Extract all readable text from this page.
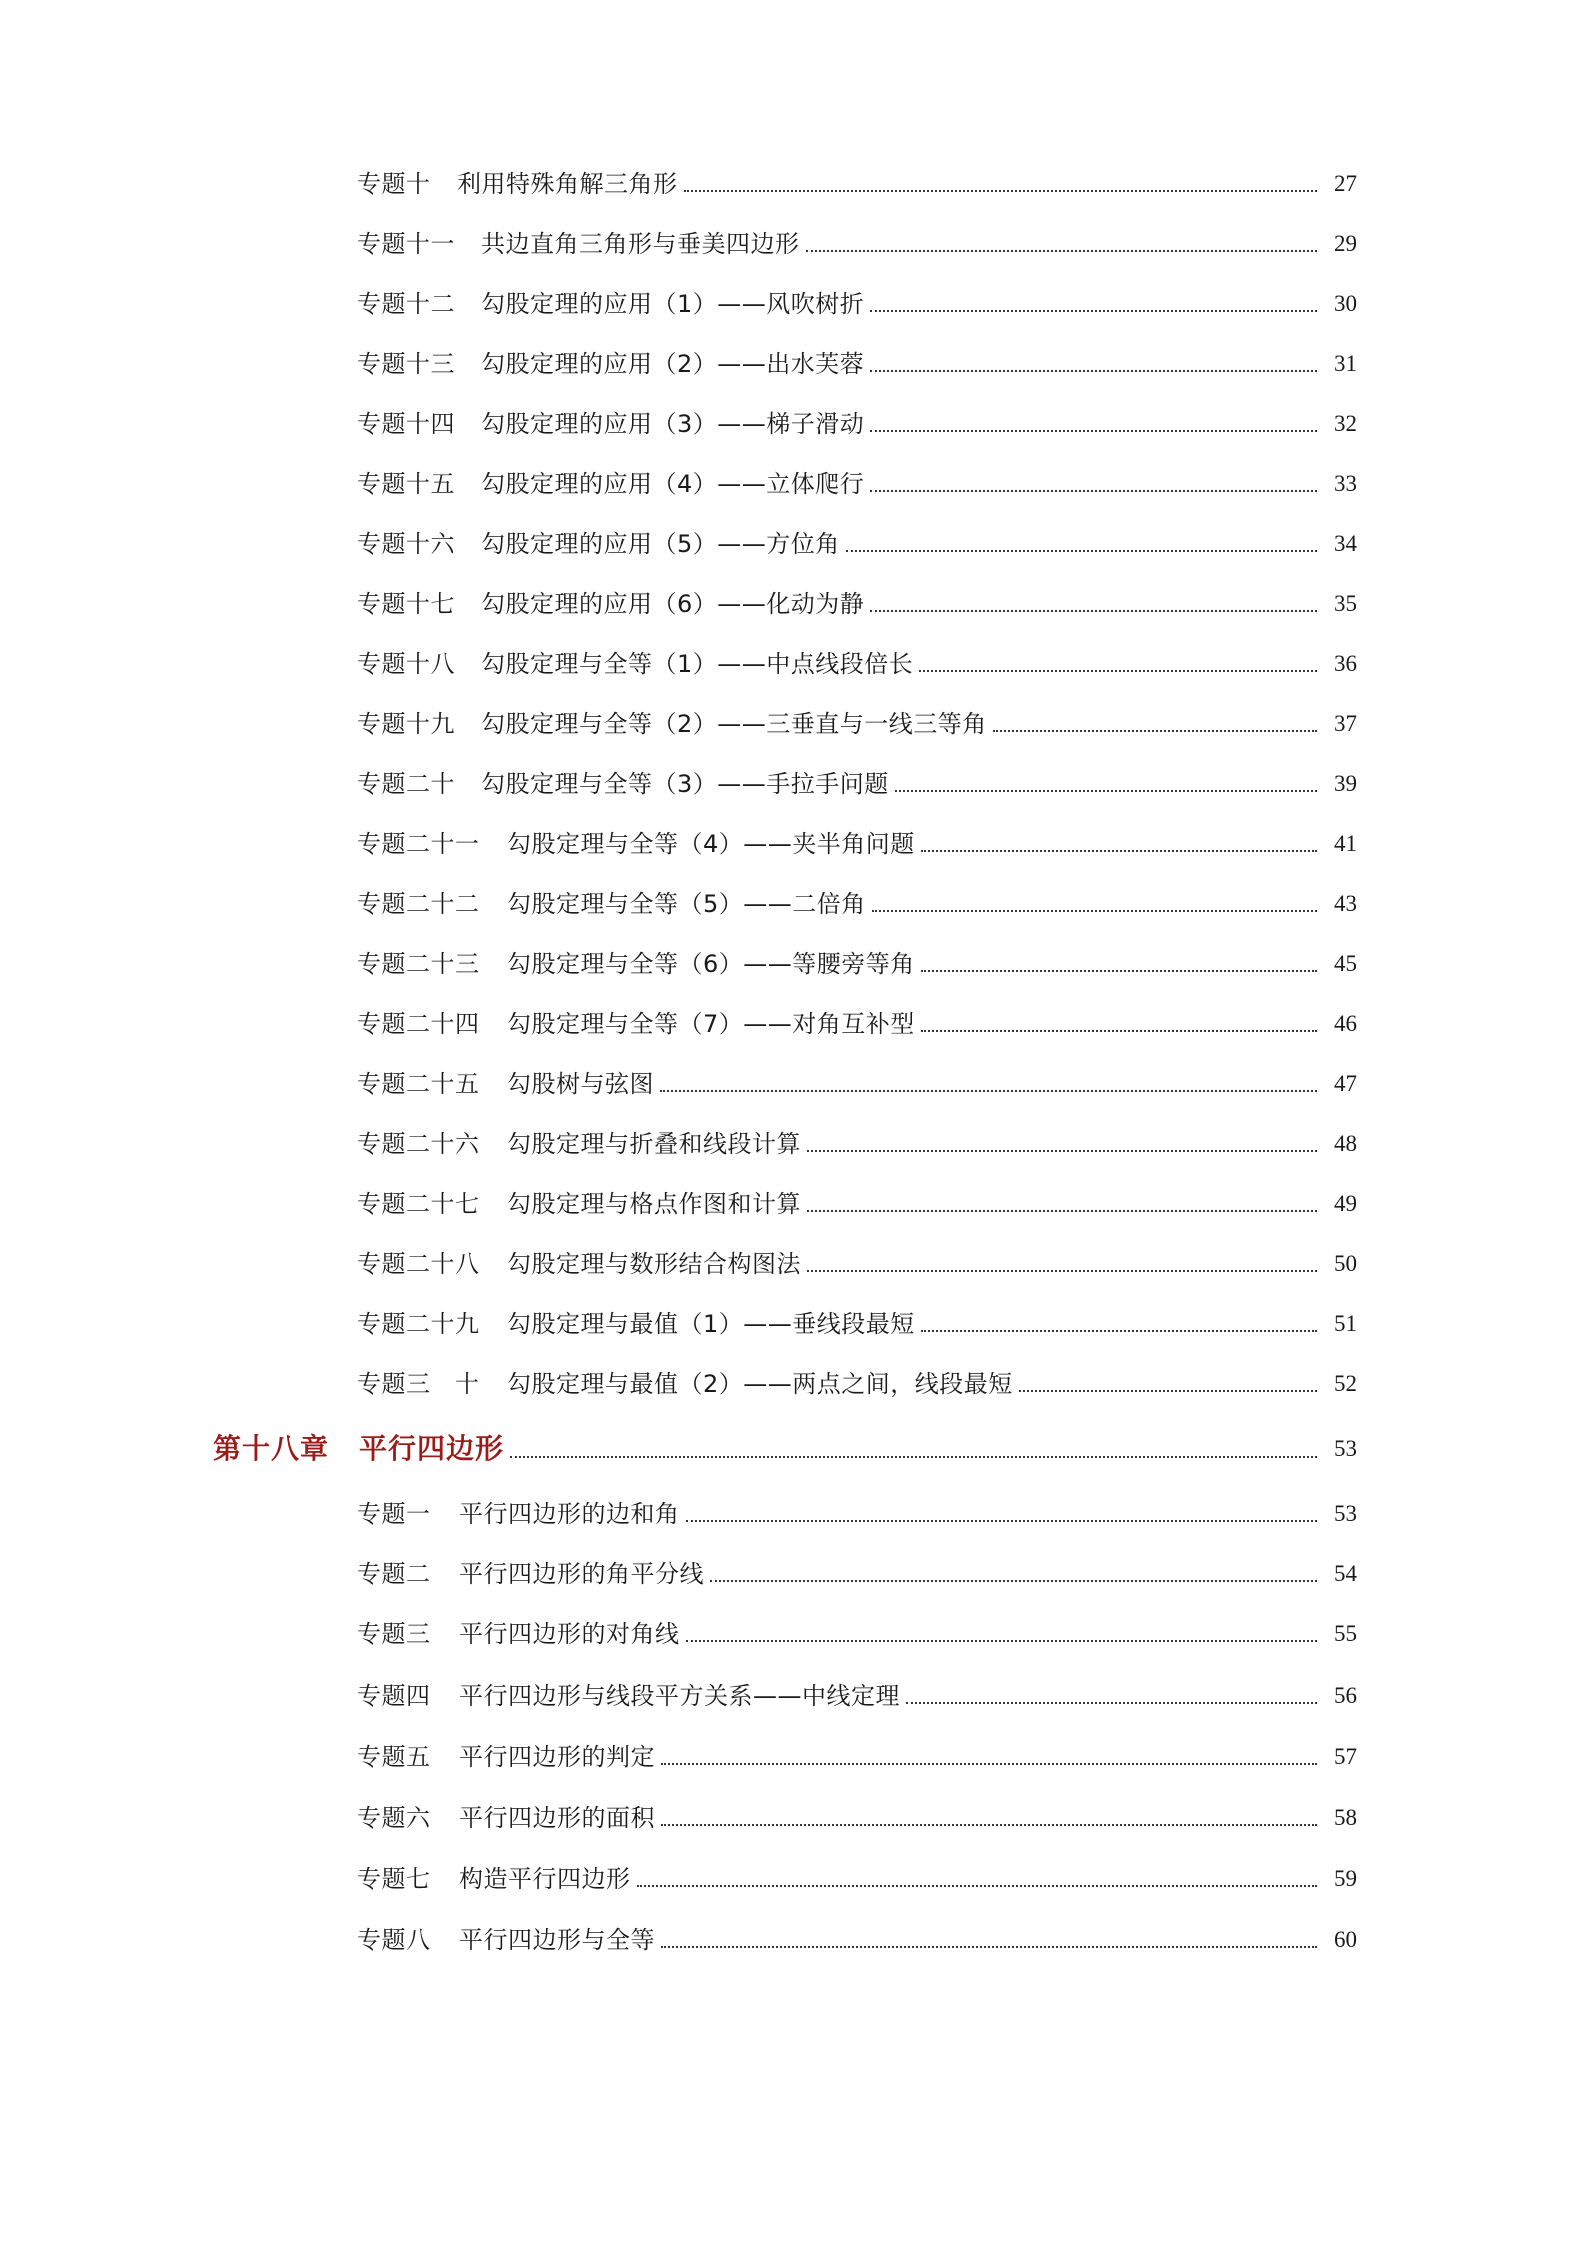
专题十	利用特殊角解三角形	27
专题十一	共边直角三角形与垂美四边形	29
专题十二	勾股定理的应用（1）——风吹树折	30
专题十三	勾股定理的应用（2）——出水芙蓉	31
专题十四	勾股定理的应用（3）——梯子滑动	32
专题十五	勾股定理的应用（4）——立体爬行	33
专题十六	勾股定理的应用（5）——方位角	34
专题十七	勾股定理的应用（6）——化动为静	35
专题十八	勾股定理与全等（1）——中点线段倍长	36
专题十九	勾股定理与全等（2）——三垂直与一线三等角	37
专题二十	勾股定理与全等（3）——手拉手问题	39
专题二十一	勾股定理与全等（4）——夹半角问题	41
专题二十二	勾股定理与全等（5）——二倍角	43
专题二十三	勾股定理与全等（6）——等腰旁等角	45
专题二十四	勾股定理与全等（7）——对角互补型	46
专题二十五	勾股树与弦图	47
专题二十六	勾股定理与折叠和线段计算	48
专题二十七	勾股定理与格点作图和计算	49
专题二十八	勾股定理与数形结合构图法	50
专题二十九	勾股定理与最值（1）——垂线段最短	51
专题三　十	勾股定理与最值（2）——两点之间，线段最短	52
第十八章	平行四边形	53
专题一	平行四边形的边和角	53
专题二	平行四边形的角平分线	54
专题三	平行四边形的对角线	55
专题四	平行四边形与线段平方关系——中线定理	56
专题五	平行四边形的判定	57
专题六	平行四边形的面积	58
专题七	构造平行四边形	59
专题八	平行四边形与全等	60
